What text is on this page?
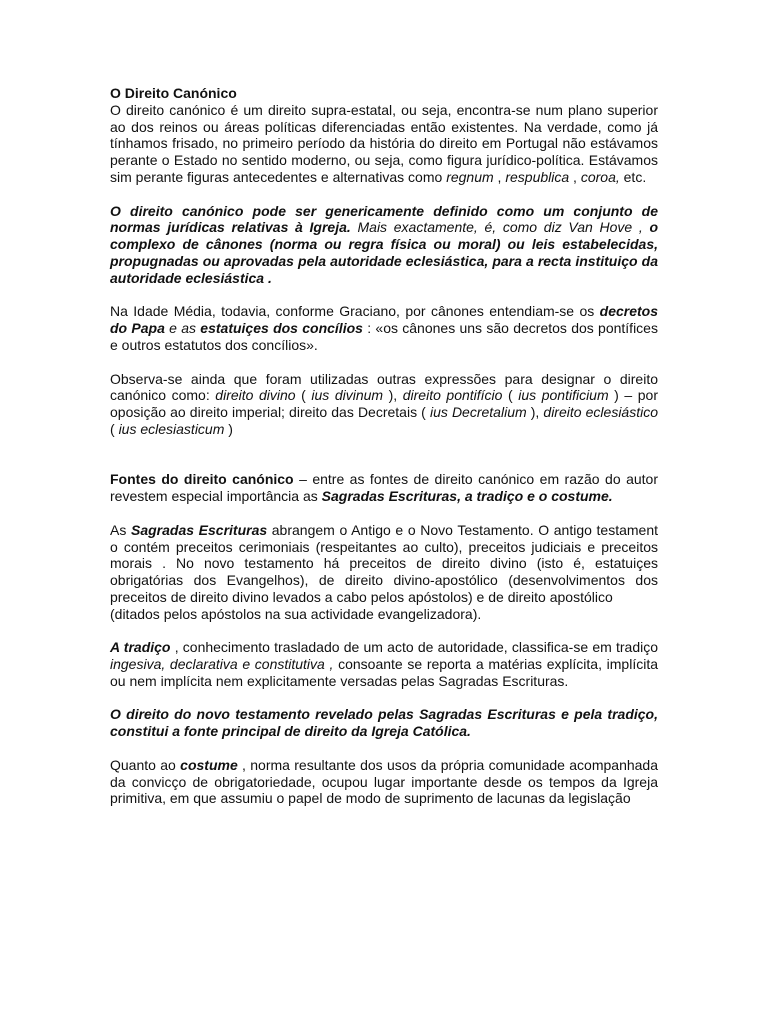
O Direito Canónico
O direito canónico é um direito supra-estatal, ou seja, encontra-se num plano superior ao dos reinos ou áreas políticas diferenciadas então existentes. Na verdade, como já tínhamos frisado, no primeiro período da história do direito em Portugal não estávamos perante o Estado no sentido moderno, ou seja, como figura jurídico-política. Estávamos sim perante figuras antecedentes e alternativas como regnum , respublica , coroa, etc.

O direito canónico pode ser genericamente definido como um conjunto de normas jurídicas relativas à Igreja. Mais exactamente, é, como diz Van Hove , o complexo de cânones (norma ou regra física ou moral) ou leis estabelecidas, propugnadas ou aprovadas pela autoridade eclesiástica, para a recta instituiço da autoridade eclesiástica .

Na Idade Média, todavia, conforme Graciano, por cânones entendiam-se os decretos do Papa e as estatuiçes dos concílios : «os cânones uns são decretos dos pontífices e outros estatutos dos concílios».

Observa-se ainda que foram utilizadas outras expressões para designar o direito canónico como: direito divino ( ius divinum ), direito pontifício ( ius pontificium ) – por oposição ao direito imperial; direito das Decretais ( ius Decretalium ), direito eclesiástico ( ius eclesiasticum )

Fontes do direito canónico – entre as fontes de direito canónico em razão do autor revestem especial importância as Sagradas Escrituras, a tradiço e o costume.

As Sagradas Escrituras abrangem o Antigo e o Novo Testamento. O antigo testament o contém preceitos cerimoniais (respeitantes ao culto), preceitos judiciais e preceitos morais . No novo testamento há preceitos de direito divino (isto é, estatuiçes obrigatórias dos Evangelhos), de direito divino-apostólico (desenvolvimentos dos preceitos de direito divino levados a cabo pelos apóstolos) e de direito apostólico

(ditados pelos apóstolos na sua actividade evangelizadora).

A tradiço , conhecimento trasladado de um acto de autoridade, classifica-se em tradiço ingesiva, declarativa e constitutiva , consoante se reporta a matérias explícita, implícita ou nem implícita nem explicitamente versadas pelas Sagradas Escrituras.

O direito do novo testamento revelado pelas Sagradas Escrituras e pela tradiço, constitui a fonte principal de direito da Igreja Católica.

Quanto ao costume , norma resultante dos usos da própria comunidade acompanhada da convicço de obrigatoriedade, ocupou lugar importante desde os tempos da Igreja primitiva, em que assumiu o papel de modo de suprimento de lacunas da legislação
